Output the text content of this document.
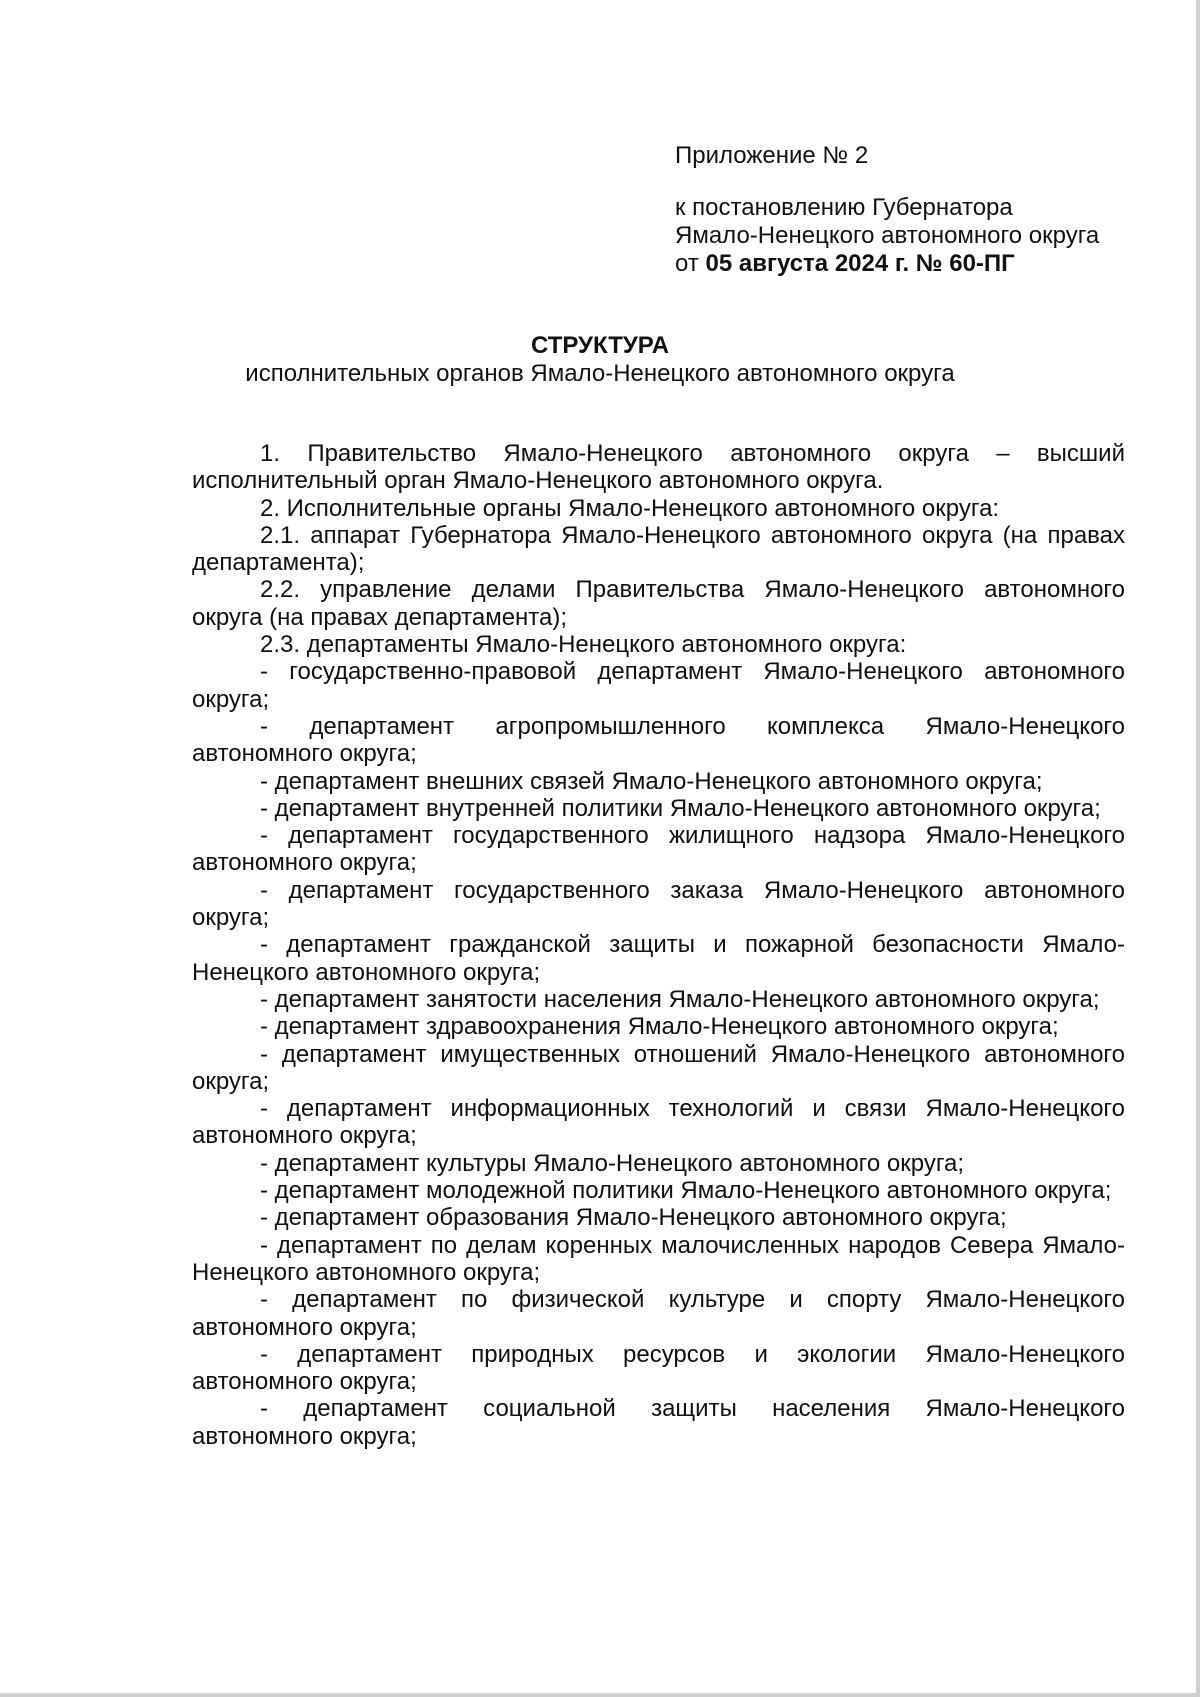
Приложение № 2
к постановлению Губернатора
Ямало-Ненецкого автономного округа
от 05 августа 2024 г. № 60-ПГ
СТРУКТУРА
исполнительных органов Ямало-Ненецкого автономного округа

1. Правительство Ямало-Ненецкого автономного округа – высший исполнительный орган Ямало-Ненецкого автономного округа.

2. Исполнительные органы Ямало-Ненецкого автономного округа:

2.1. аппарат Губернатора Ямало-Ненецкого автономного округа (на правах департамента);

2.2. управление делами Правительства Ямало-Ненецкого автономного округа (на правах департамента);

2.3. департаменты Ямало-Ненецкого автономного округа:

- государственно-правовой департамент Ямало-Ненецкого автономного округа;

- департамент агропромышленного комплекса Ямало-Ненецкого автономного округа;

- департамент внешних связей Ямало-Ненецкого автономного округа;

- департамент внутренней политики Ямало-Ненецкого автономного округа;

- департамент государственного жилищного надзора Ямало-Ненецкого автономного округа;

- департамент государственного заказа Ямало-Ненецкого автономного округа;

- департамент гражданской защиты и пожарной безопасности Ямало-Ненецкого автономного округа;

- департамент занятости населения Ямало-Ненецкого автономного округа;

- департамент здравоохранения Ямало-Ненецкого автономного округа;

- департамент имущественных отношений Ямало-Ненецкого автономного округа;

- департамент информационных технологий и связи Ямало-Ненецкого автономного округа;

- департамент культуры Ямало-Ненецкого автономного округа;

- департамент молодежной политики Ямало-Ненецкого автономного округа;

- департамент образования Ямало-Ненецкого автономного округа;

- департамент по делам коренных малочисленных народов Севера Ямало-Ненецкого автономного округа;

- департамент по физической культуре и спорту Ямало-Ненецкого автономного округа;

- департамент природных ресурсов и экологии Ямало-Ненецкого автономного округа;

- департамент социальной защиты населения Ямало-Ненецкого автономного округа;
